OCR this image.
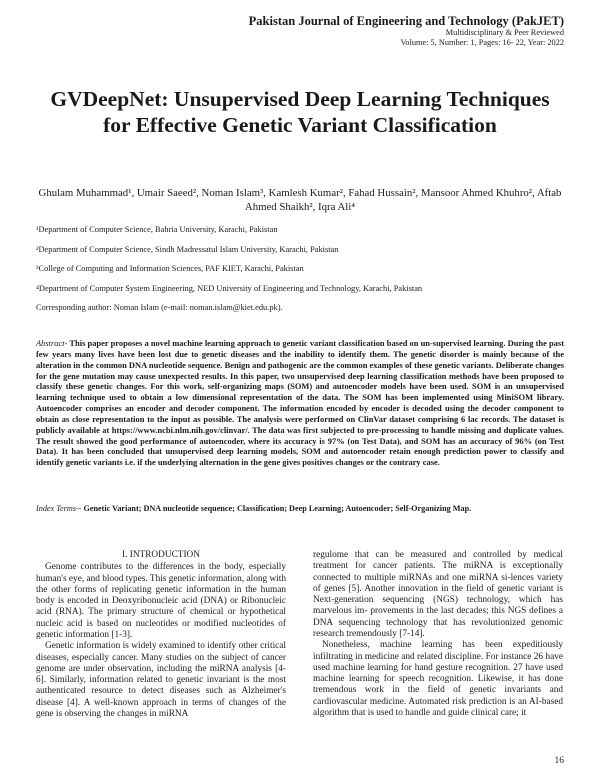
Pakistan Journal of Engineering and Technology (PakJET)
Multidisciplinary & Peer Reviewed
Volume: 5, Number: 1, Pages: 16- 22, Year: 2022
GVDeepNet: Unsupervised Deep Learning Techniques for Effective Genetic Variant Classification
Ghulam Muhammad¹, Umair Saeed², Noman Islam³, Kamlesh Kumar², Fahad Hussain², Mansoor Ahmed Khuhro², Aftab Ahmed Shaikh², Iqra Ali⁴
¹Department of Computer Science, Bahria University, Karachi, Pakistan
²Department of Computer Science, Sindh Madressatul Islam University, Karachi, Pakistan
³College of Computing and Information Sciences, PAF KIET, Karachi, Pakistan
⁴Department of Computer System Engineering, NED University of Engineering and Technology, Karachi, Pakistan
Corresponding author: Noman Islam (e-mail: noman.islam@kiet.edu.pk).
Abstract- This paper proposes a novel machine learning approach to genetic variant classification based on un-supervised learning. During the past few years many lives have been lost due to genetic diseases and the inability to identify them. The genetic disorder is mainly because of the alteration in the common DNA nucleotide sequence. Benign and pathogenic are the common examples of these genetic variants. Deliberate changes for the gene mutation may cause unexpected results. In this paper, two unsupervised deep learning classification methods have been proposed to classify these genetic changes. For this work, self-organizing maps (SOM) and autoencoder models have been used. SOM is an unsupervised learning technique used to obtain a low dimensional representation of the data. The SOM has been implemented using MiniSOM library. Autoencoder comprises an encoder and decoder component. The information encoded by encoder is decoded using the decoder component to obtain as close representation to the input as possible. The analysis were performed on ClinVar dataset comprising 6 lac records. The dataset is publicly available at https://www.ncbi.nlm.nih.gov/clinvar/. The data was first subjected to pre-processing to handle missing and duplicate values. The result showed the good performance of autoencoder, where its accuracy is 97% (on Test Data), and SOM has an accuracy of 96% (on Test Data). It has been concluded that unsupervised deep learning models, SOM and autoencoder retain enough prediction power to classify and identify genetic variants i.e. if the underlying alternation in the gene gives positives changes or the contrary case.
Index Terms-- Genetic Variant; DNA nucleotide sequence; Classification; Deep Learning; Autoencoder; Self-Organizing Map.

I. INTRODUCTION

Genome contributes to the differences in the body, especially human's eye, and blood types. This genetic information, along with the other forms of replicating genetic information in the human body is encoded in Deoxyribonucleic acid (DNA) or Ribonucleic acid (RNA). The primary structure of chemical or hypothetical nucleic acid is based on nucleotides or modified nucleotides of genetic information [1-3].

Genetic information is widely examined to identify other critical diseases, especially cancer. Many studies on the subject of cancer genome are under observation, including the miRNA analysis [4-6]. Similarly, information related to genetic invariant is the most authenticated resource to detect diseases such as Alzheimer's disease [4]. A well-known approach in terms of changes of the gene is observing the changes in miRNA

regulome that can be measured and controlled by medical treatment for cancer patients. The miRNA is exceptionally connected to multiple miRNAs and one miRNA si-lences variety of genes [5]. Another innovation in the field of genetic variant is Next-generation sequencing (NGS) technology, which has marvelous im- provements in the last decades; this NGS defines a DNA sequencing technology that has revolutionized genomic research tremendously [7-14].

Nonetheless, machine learning has been expeditiously infiltrating in medicine and related discipline. For instance 26 have used machine learning for hand gesture recognition. 27 have used machine learning for speech recognition. Likewise, it has done tremendous work in the field of genetic invariants and cardiovascular medicine. Automated risk prediction is an AI-based algorithm that is used to handle and guide clinical care; it

16
